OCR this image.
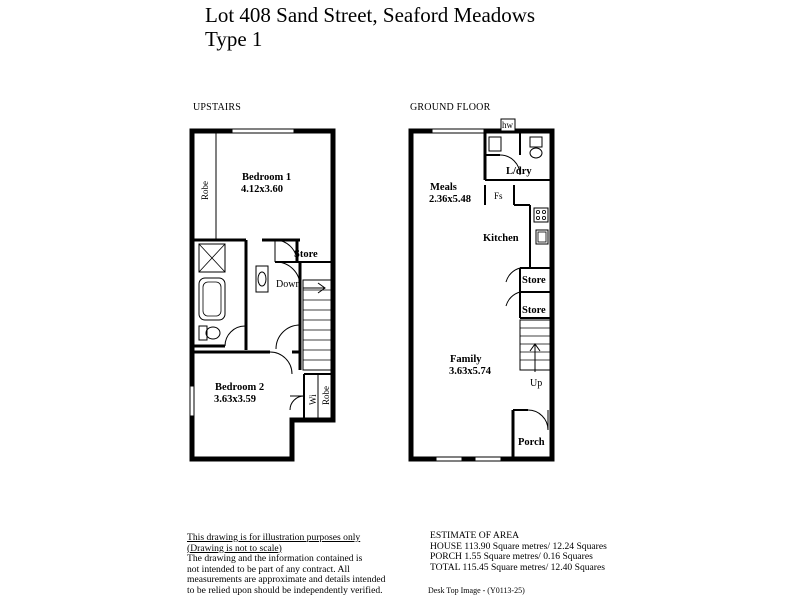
Lot 408 Sand Street, Seaford Meadows
Type 1
UPSTAIRS	GROUND FLOOR
Bedroom 1
4.12x3.60
Robe
Store
Down
Bedroom 2
3.63x3.59	Wi Robe
hw
L/dry
Meals
2.36x5.48	Fs
Kitchen
Store
Store
Family
3.63x5.74
Up
Porch
This drawing is for illustration purposes only
(Drawing is not to scale)
The drawing and the information contained is
not intended to be part of any contract. All
measurements are approximate and details intended
to be relied upon should be independently verified.
ESTIMATE OF AREA
HOUSE 113.90 Square metres/ 12.24 Squares
PORCH 1.55 Square metres/ 0.16 Squares
TOTAL 115.45 Square metres/ 12.40 Squares
Desk Top Image - (Y0113-25)
